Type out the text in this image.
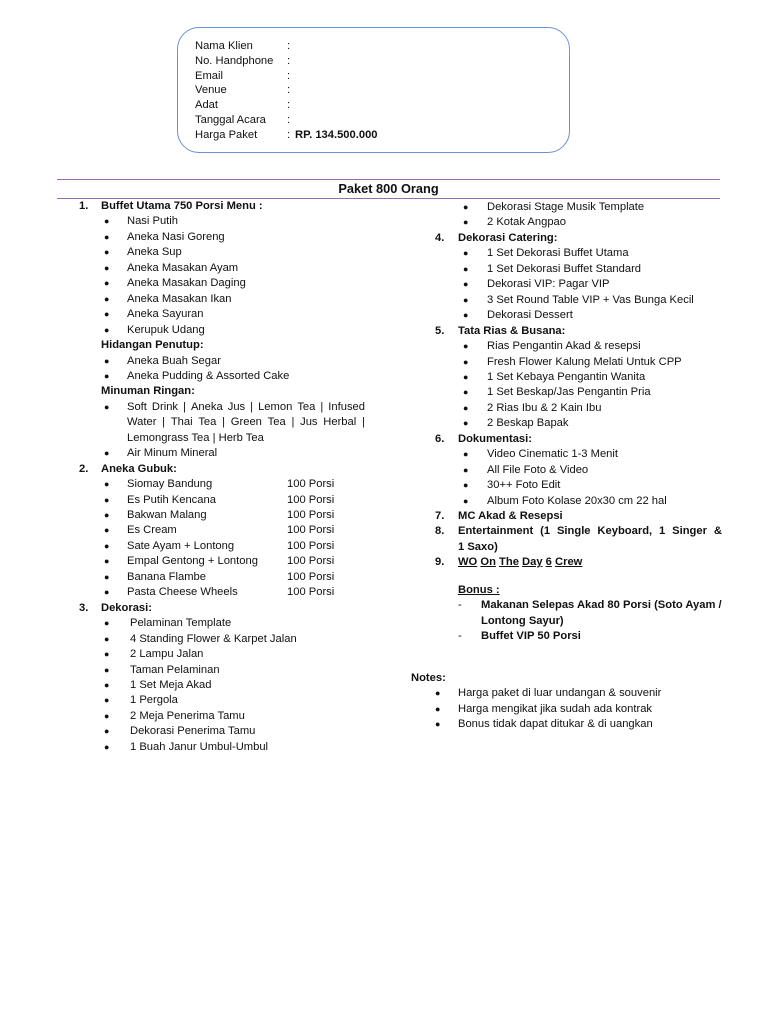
Nama Klien	:
No. Handphone :
Email	:
Venue	:
Adat	:
Tanggal Acara :
Harga Paket	: RP. 134.500.000
Paket 800 Orang
1. Buffet Utama 750 Porsi Menu :
● Nasi Putih
● Aneka Nasi Goreng
● Aneka Sup
● Aneka Masakan Ayam
● Aneka Masakan Daging
● Aneka Masakan Ikan
● Aneka Sayuran
● Kerupuk Udang
Hidangan Penutup:
● Aneka Buah Segar
● Aneka Pudding & Assorted Cake
Minuman Ringan:
● Soft Drink | Aneka Jus | Lemon Tea | Infused
Water | Thai Tea | Green Tea | Jus Herbal |
Lemongrass Tea | Herb Tea
● Air Minum Mineral
2. Aneka Gubuk:
● Siomay Bandung	100 Porsi
● Es Putih Kencana	100 Porsi
● Bakwan Malang	100 Porsi
● Es Cream	100 Porsi
● Sate Ayam + Lontong	100 Porsi
● Empal Gentong + Lontong	100 Porsi
● Banana Flambe	100 Porsi
● Pasta Cheese Wheels	100 Porsi
3. Dekorasi:
● Pelaminan Template
● 4 Standing Flower & Karpet Jalan
● 2 Lampu Jalan
● Taman Pelaminan
● 1 Set Meja Akad
● 1 Pergola
● 2 Meja Penerima Tamu
● Dekorasi Penerima Tamu
● 1 Buah Janur Umbul-Umbul
● Dekorasi Stage Musik Template
● 2 Kotak Angpao
4. Dekorasi Catering:
● 1 Set Dekorasi Buffet Utama
● 1 Set Dekorasi Buffet Standard
● Dekorasi VIP: Pagar VIP
● 3 Set Round Table VIP + Vas Bunga Kecil
● Dekorasi Dessert
5. Tata Rias & Busana:
● Rias Pengantin Akad & resepsi
● Fresh Flower Kalung Melati Untuk CPP
● 1 Set Kebaya Pengantin Wanita
● 1 Set Beskap/Jas Pengantin Pria
● 2 Rias Ibu & 2 Kain Ibu
● 2 Beskap Bapak
6. Dokumentasi:
● Video Cinematic 1-3 Menit
● All File Foto & Video
● 30++ Foto Edit
● Album Foto Kolase 20x30 cm 22 hal
7. MC Akad & Resepsi
8. Entertainment (1 Single Keyboard, 1 Singer &
1 Saxo)
9. WO On The Day 6 Crew
Bonus :
- Makanan Selepas Akad 80 Porsi (Soto Ayam /
Lontong Sayur)
- Buffet VIP 50 Porsi
Notes:
● Harga paket di luar undangan & souvenir
● Harga mengikat jika sudah ada kontrak
● Bonus tidak dapat ditukar & di uangkan
